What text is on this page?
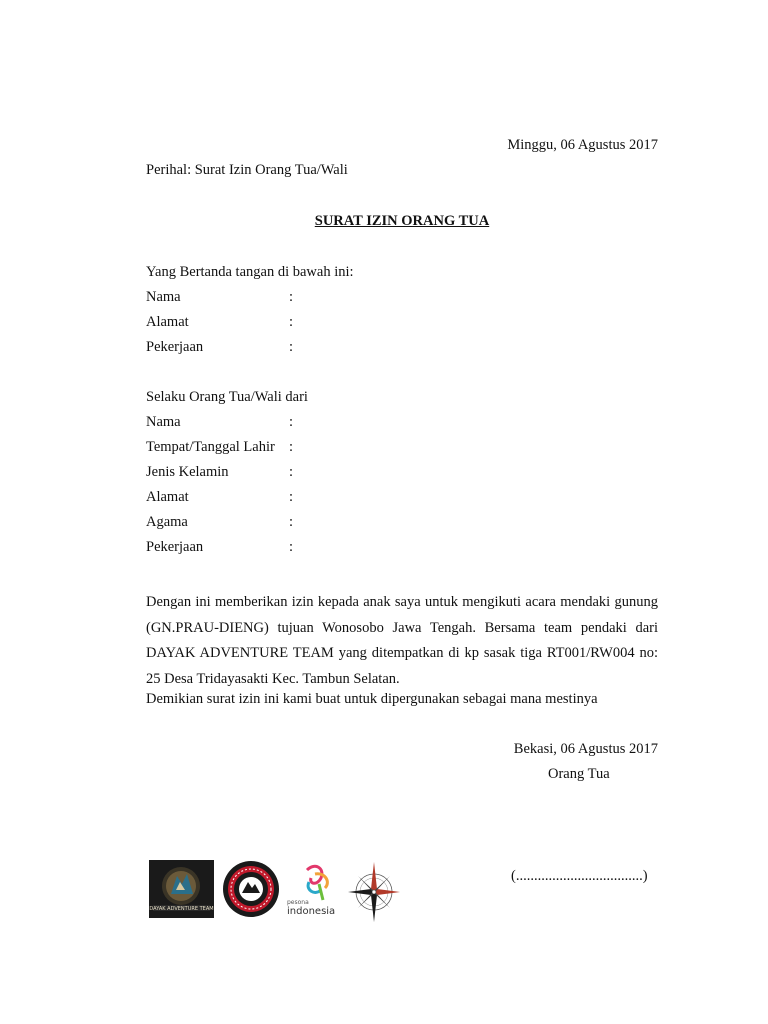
Minggu, 06 Agustus 2017
Perihal: Surat Izin Orang Tua/Wali
SURAT IZIN ORANG TUA
Yang Bertanda tangan di bawah ini:
Nama	:
Alamat	:
Pekerjaan	:
Selaku Orang Tua/Wali dari
Nama	:
Tempat/Tanggal Lahir :
Jenis Kelamin	:
Alamat	:
Agama	:
Pekerjaan	:
Dengan ini memberikan izin kepada anak saya untuk mengikuti acara mendaki gunung (GN.PRAU-DIENG) tujuan Wonosobo Jawa Tengah. Bersama team pendaki dari DAYAK ADVENTURE TEAM yang ditempatkan di kp sasak tiga RT001/RW004 no: 25 Desa Tridayasakti Kec. Tambun Selatan.
Demikian surat izin ini kami buat untuk dipergunakan sebagai mana mestinya
Bekasi, 06 Agustus 2017
Orang Tua
(...................................)
DAYAK ADVENTURE TEAM
pesona
indonesia
